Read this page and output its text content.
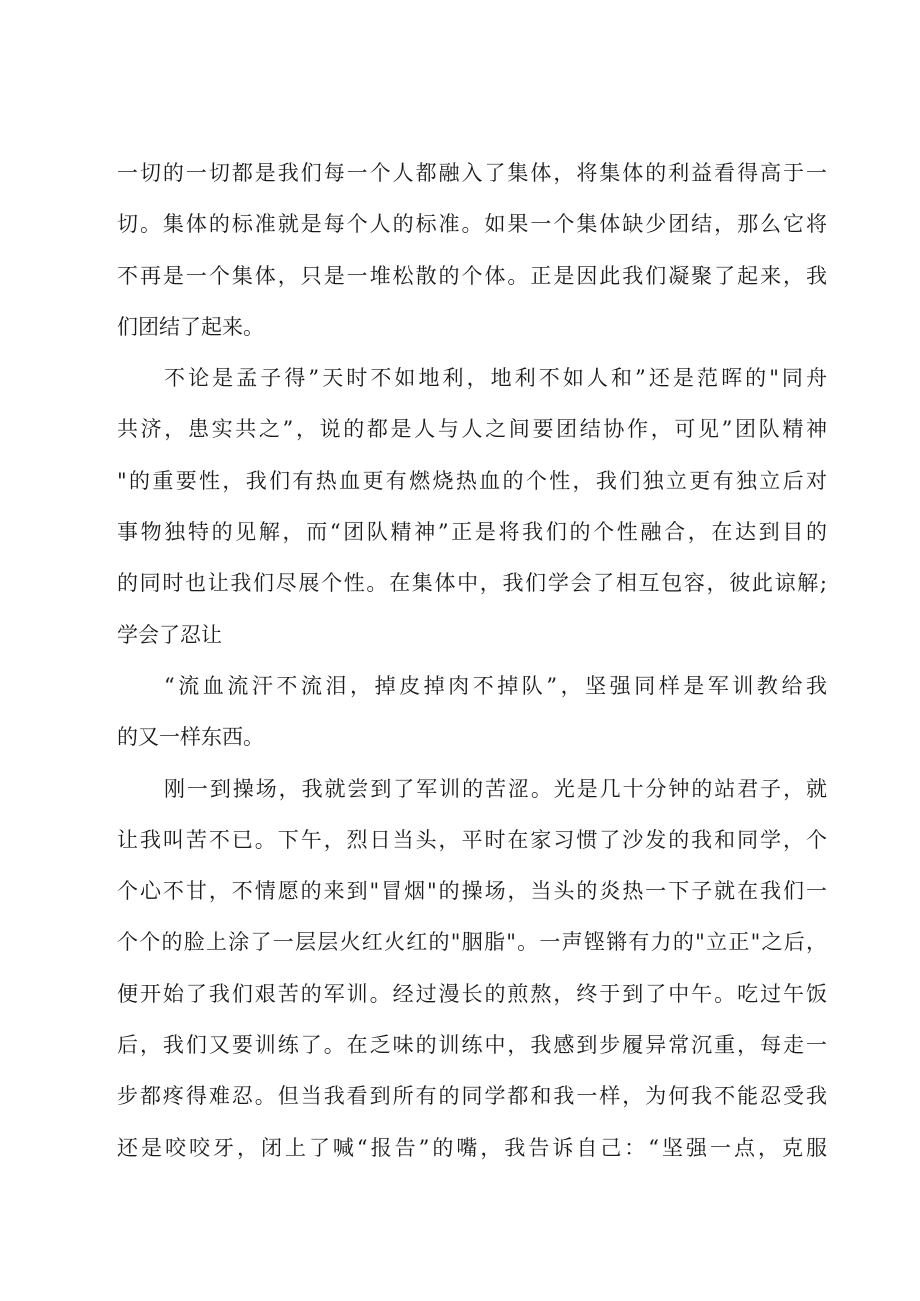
一切的一切都是我们每一个人都融入了集体，将集体的利益看得高于一
切。集体的标准就是每个人的标准。如果一个集体缺少团结，那么它将
不再是一个集体，只是一堆松散的个体。正是因此我们凝聚了起来，我
们团结了起来。
不论是孟子得”天时不如地利，地利不如人和”还是范晖的"同舟
共济，患实共之”，说的都是人与人之间要团结协作，可见”团队精神
"的重要性，我们有热血更有燃烧热血的个性，我们独立更有独立后对
事物独特的见解，而“团队精神”正是将我们的个性融合，在达到目的
的同时也让我们尽展个性。在集体中，我们学会了相互包容，彼此谅解;
学会了忍让
“流血流汗不流泪，掉皮掉肉不掉队”，坚强同样是军训教给我
的又一样东西。
刚一到操场，我就尝到了军训的苦涩。光是几十分钟的站君子，就
让我叫苦不已。下午，烈日当头，平时在家习惯了沙发的我和同学，个
个心不甘，不情愿的来到"冒烟"的操场，当头的炎热一下子就在我们一
个个的脸上涂了一层层火红火红的"胭脂"。一声铿锵有力的"立正"之后，
便开始了我们艰苦的军训。经过漫长的煎熬，终于到了中午。吃过午饭
后，我们又要训练了。在乏味的训练中，我感到步履异常沉重，每走一
步都疼得难忍。但当我看到所有的同学都和我一样，为何我不能忍受我
还是咬咬牙，闭上了喊“报告”的嘴，我告诉自己：“坚强一点，克服
